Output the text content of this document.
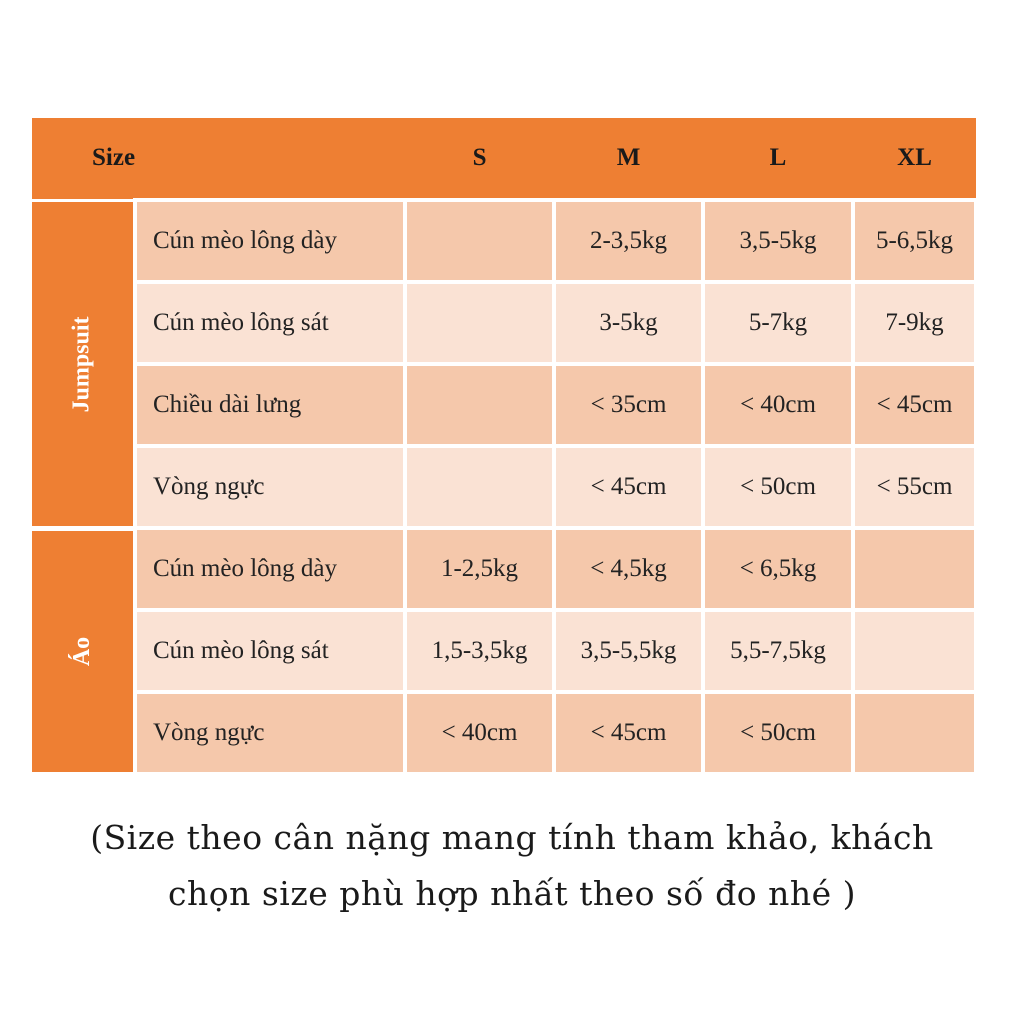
Size		S	M	L	XL
Jumpsuit	Cún mèo lông dày		2-3,5kg	3,5-5kg	5-6,5kg
	Cún mèo lông sát		3-5kg	5-7kg	7-9kg
	Chiều dài lưng		< 35cm	< 40cm	< 45cm
	Vòng ngực		< 45cm	< 50cm	< 55cm
Áo	Cún mèo lông dày	1-2,5kg	< 4,5kg	< 6,5kg	
	Cún mèo lông sát	1,5-3,5kg	3,5-5,5kg	5,5-7,5kg	
	Vòng ngực	< 40cm	< 45cm	< 50cm	
(Size theo cân nặng mang tính tham khảo, khách
chọn size phù hợp nhất theo số đo nhé )
